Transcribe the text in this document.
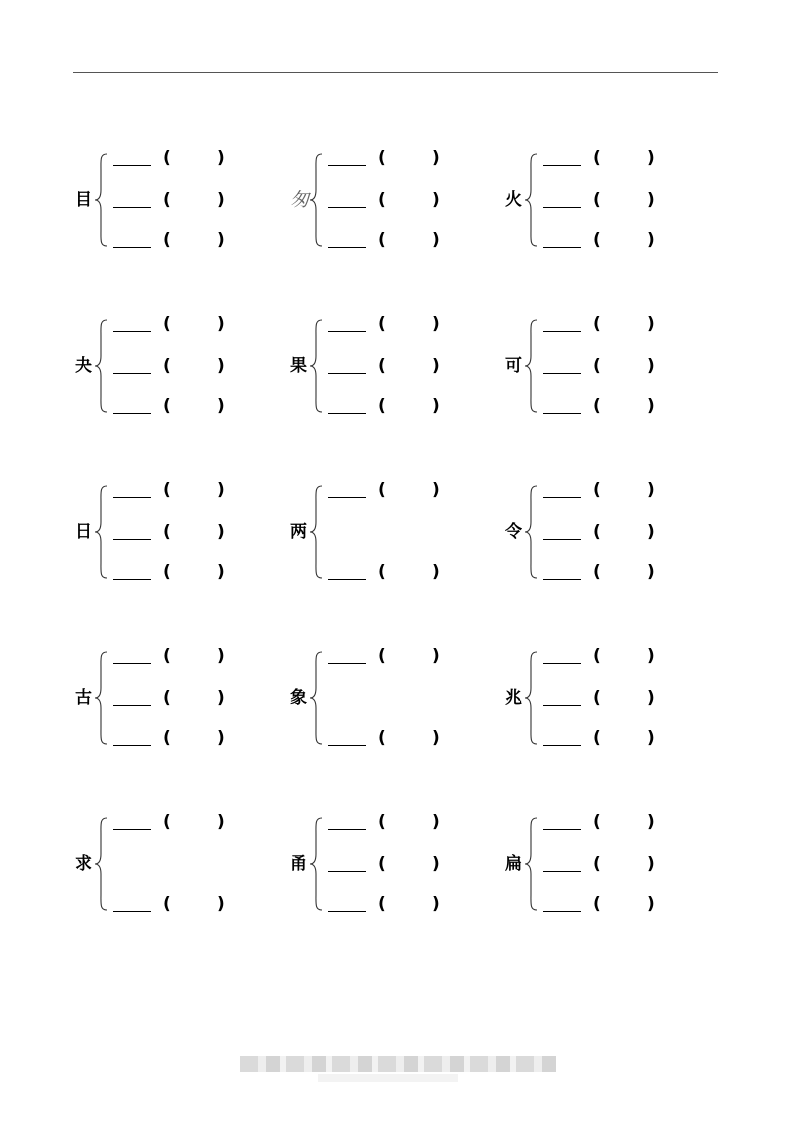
目
(	)
(	)
(	)
匆
(	)
(	)
(	)
火
(	)
(	)
(	)
夬
(	)
(	)
(	)
果
(	)
(	)
(	)
可
(	)
(	)
(	)
日
(	)
(	)
(	)
两
(	)
(	)
令
(	)
(	)
(	)
古
(	)
(	)
(	)
象
(	)
(	)
兆
(	)
(	)
(	)
求
(	)
(	)
甬
(	)
(	)
(	)
扁
(	)
(	)
(	)
